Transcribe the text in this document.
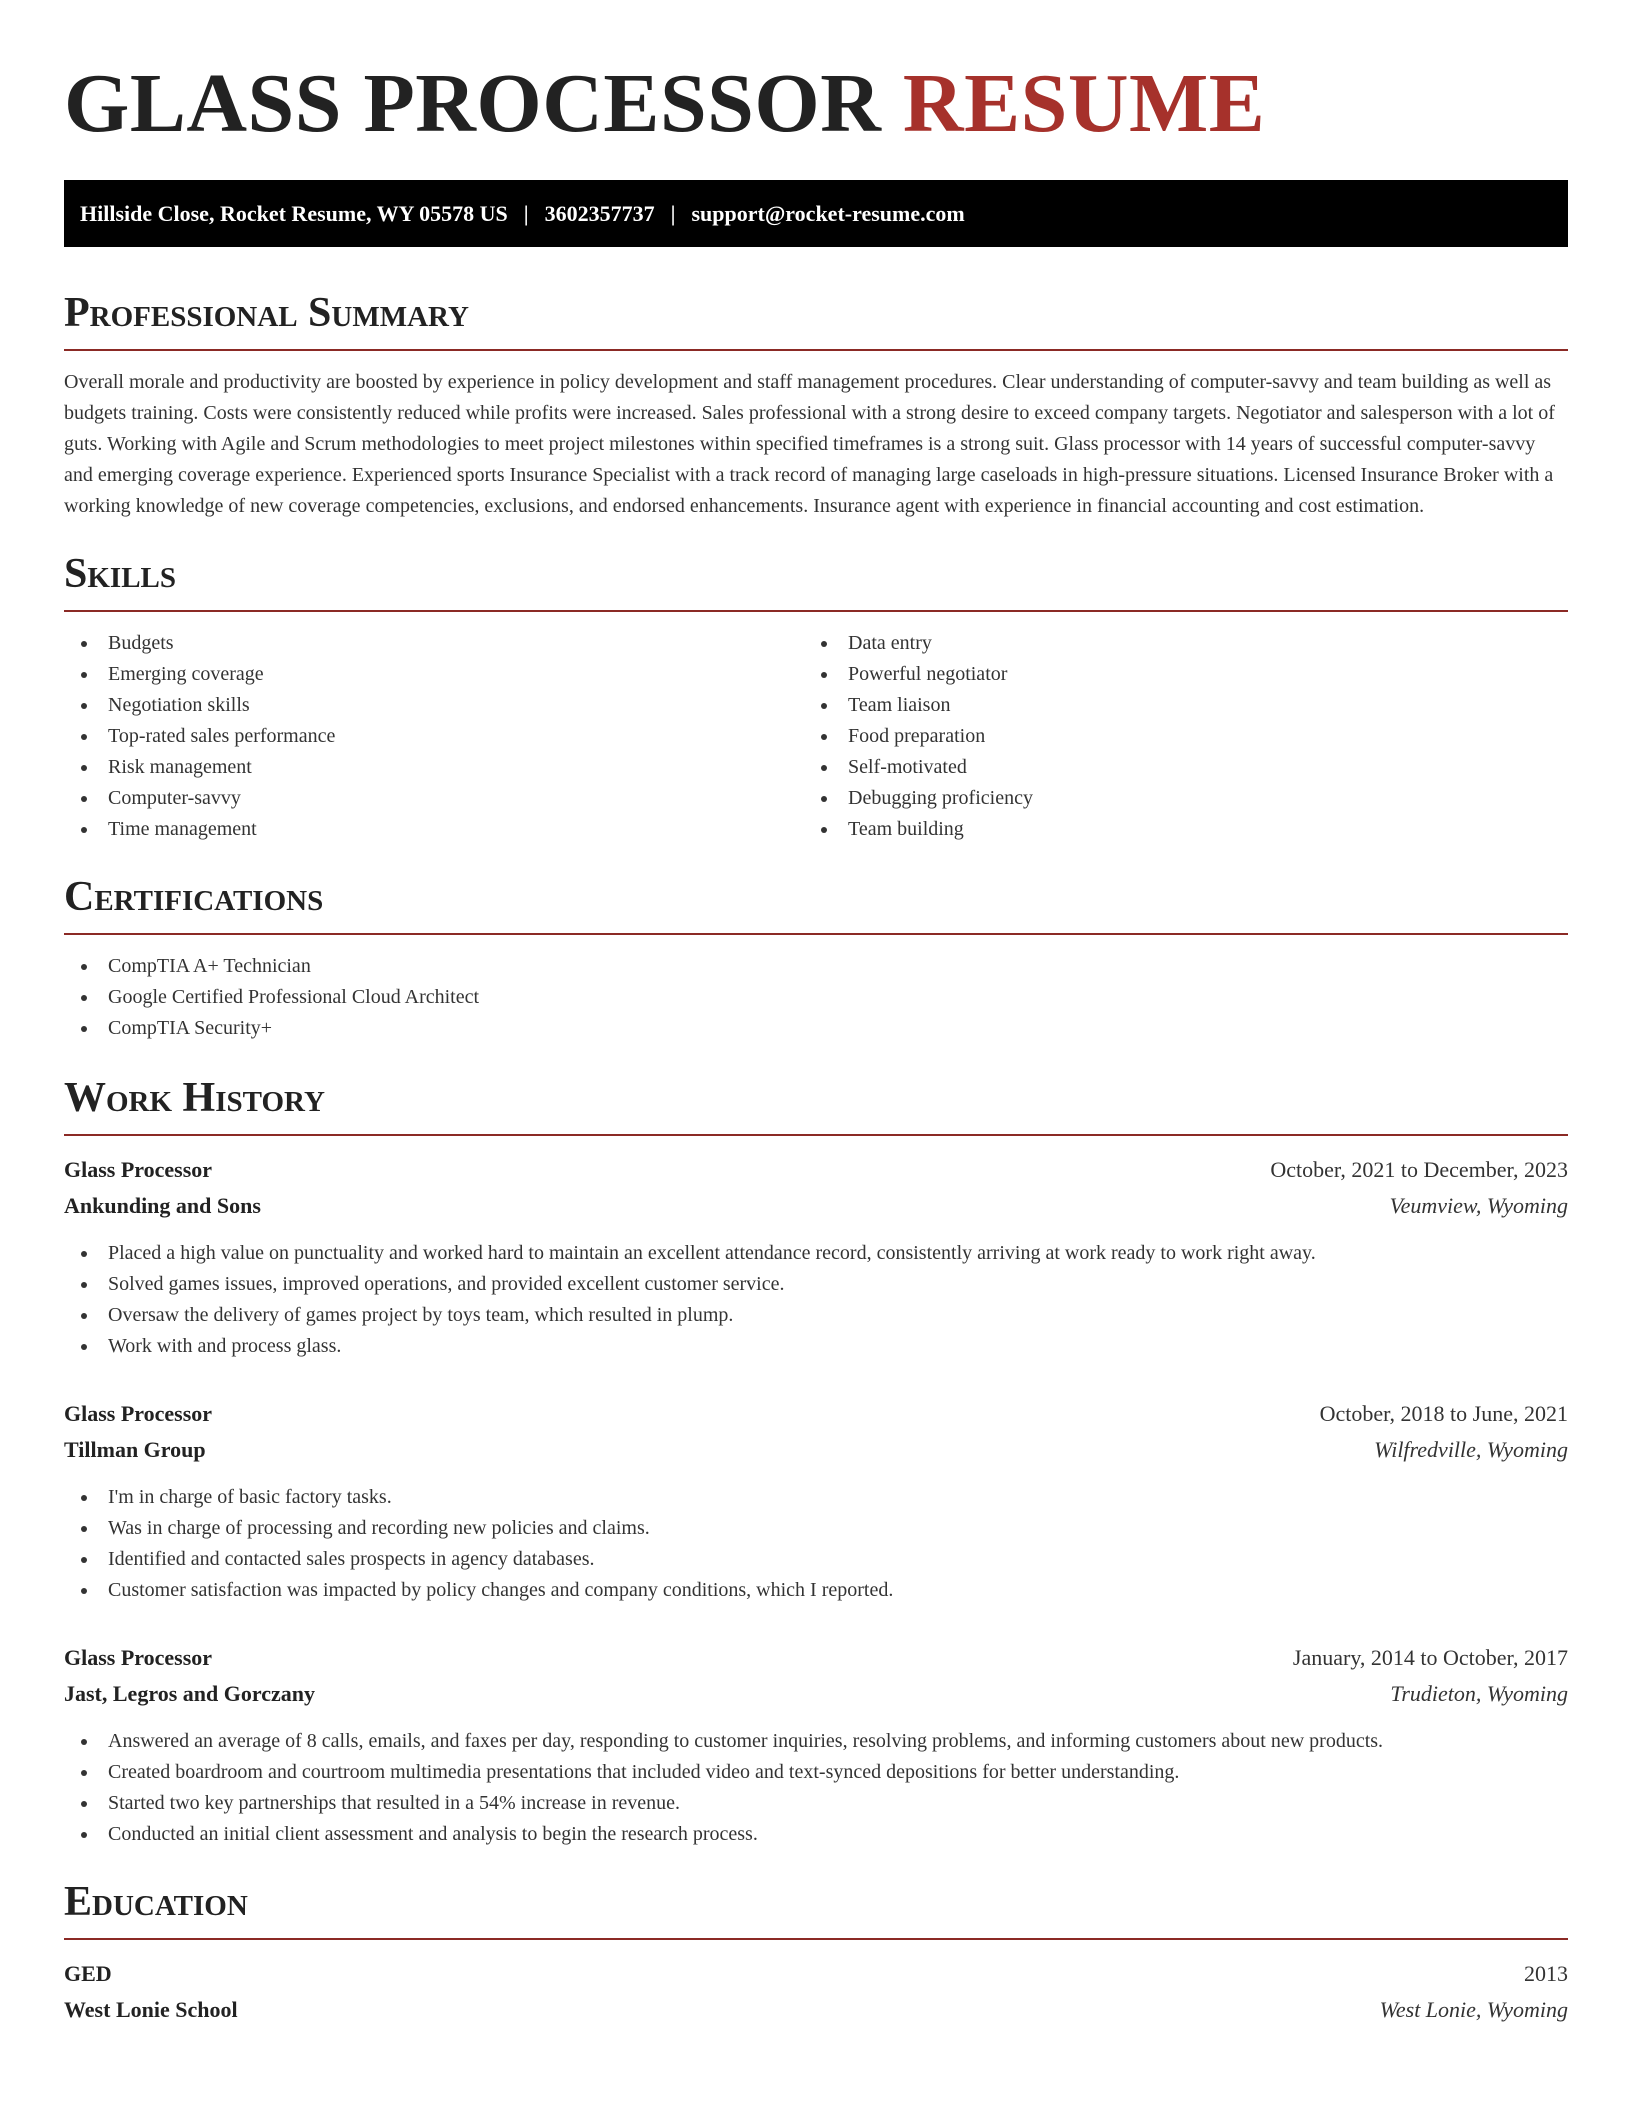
GLASS PROCESSOR RESUME
Hillside Close, Rocket Resume, WY 05578 US | 3602357737 | support@rocket-resume.com
Professional Summary

Overall morale and productivity are boosted by experience in policy development and staff management procedures. Clear understanding of computer-savvy and team building as well as budgets training. Costs were consistently reduced while profits were increased. Sales professional with a strong desire to exceed company targets. Negotiator and salesperson with a lot of guts. Working with Agile and Scrum methodologies to meet project milestones within specified timeframes is a strong suit. Glass processor with 14 years of successful computer-savvy and emerging coverage experience. Experienced sports Insurance Specialist with a track record of managing large caseloads in high-pressure situations. Licensed Insurance Broker with a working knowledge of new coverage competencies, exclusions, and endorsed enhancements. Insurance agent with experience in financial accounting and cost estimation.

Skills
Budgets
Emerging coverage
Negotiation skills
Top-rated sales performance
Risk management
Computer-savvy
Time management
Data entry
Powerful negotiator
Team liaison
Food preparation
Self-motivated
Debugging proficiency
Team building
Certifications
CompTIA A+ Technician
Google Certified Professional Cloud Architect
CompTIA Security+
Work History
Glass Processor	October, 2021 to December, 2023
Ankunding and Sons	Veumview, Wyoming
Placed a high value on punctuality and worked hard to maintain an excellent attendance record, consistently arriving at work ready to work right away.
Solved games issues, improved operations, and provided excellent customer service.
Oversaw the delivery of games project by toys team, which resulted in plump.
Work with and process glass.
Glass Processor	October, 2018 to June, 2021
Tillman Group	Wilfredville, Wyoming
I'm in charge of basic factory tasks.
Was in charge of processing and recording new policies and claims.
Identified and contacted sales prospects in agency databases.
Customer satisfaction was impacted by policy changes and company conditions, which I reported.
Glass Processor	January, 2014 to October, 2017
Jast, Legros and Gorczany	Trudieton, Wyoming
Answered an average of 8 calls, emails, and faxes per day, responding to customer inquiries, resolving problems, and informing customers about new products.
Created boardroom and courtroom multimedia presentations that included video and text-synced depositions for better understanding.
Started two key partnerships that resulted in a 54% increase in revenue.
Conducted an initial client assessment and analysis to begin the research process.
Education
GED	2013
West Lonie School	West Lonie, Wyoming
